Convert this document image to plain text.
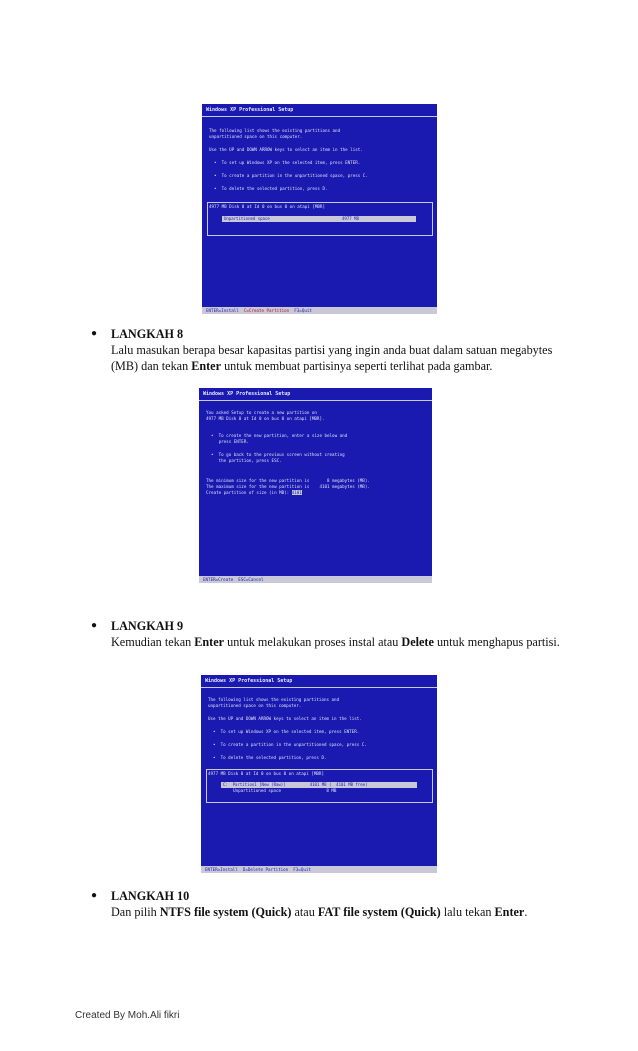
Windows XP Professional Setup
The following list shows the existing partitions and
unpartitioned space on this computer.
Use the UP and DOWN ARROW keys to select an item in the list.
•  To set up Windows XP on the selected item, press ENTER.
•  To create a partition in the unpartitioned space, press C.
•  To delete the selected partition, press D.
4977 MB Disk 0 at Id 0 on bus 0 on atapi [MBR]
Unpartitioned space	4977 MB
ENTER=Install C=Create Partition F3=Quit
●	LANGKAH 8
Lalu masukan berapa besar kapasitas partisi yang ingin anda buat dalam satuan megabytes (MB) dan tekan Enter untuk membuat partisinya seperti terlihat pada gambar.
Windows XP Professional Setup
You asked Setup to create a new partition on
4977 MB Disk 0 at Id 0 on bus 0 on atapi [MBR].
•  To create the new partition, enter a size below and
press ENTER.
•  To go back to the previous screen without creating
the partition, press ESC.
The minimum size for the new partition is       8 megabytes (MB).
The maximum size for the new partition is    4101 megabytes (MB).
Create partition of size (in MB): 4101
ENTER=Create  ESC=Cancel
●	LANGKAH 9
Kemudian tekan Enter untuk melakukan proses instal atau Delete untuk menghapus partisi.
Windows XP Professional Setup
The following list shows the existing partitions and
unpartitioned space on this computer.
Use the UP and DOWN ARROW keys to select an item in the list.
•  To set up Windows XP on the selected item, press ENTER.
•  To create a partition in the unpartitioned space, press C.
•  To delete the selected partition, press D.
4977 MB Disk 0 at Id 0 on bus 0 on atapi [MBR]
C:  Partition1 [New (Raw)]          4101 MB (  4101 MB free)
Unpartitioned space                  8 MB
ENTER=Install D=Delete Partition F3=Quit
●	LANGKAH 10
Dan pilih NTFS file system (Quick) atau FAT file system (Quick) lalu tekan Enter.
Created By Moh.Ali fikri
